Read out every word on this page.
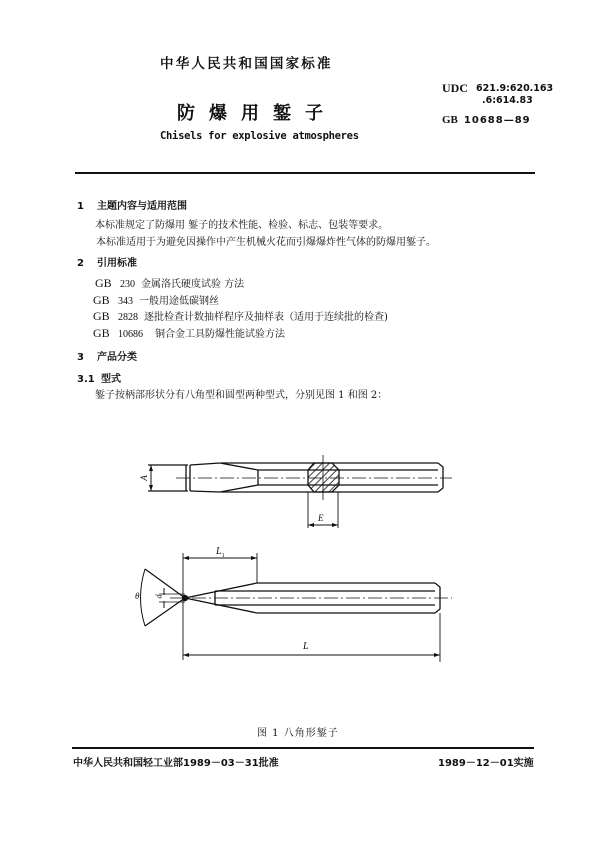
中华人民共和国国家标准
防爆用錾子
Chisels for explosive atmospheres
UDC 621.9:620.163
.6:614.83
GB 10688—89
1 主题内容与适用范围
本标准规定了防爆用 錾子的技术性能、检验、标志、包装等要求。
本标准适用于为避免因操作中产生机械火花而引爆爆炸性气体的防爆用錾子。
2 引用标准
GB 230 金属洛氏硬度试验 方法
GB 343 一般用途低碳钢丝
GB 2828 逐批检查计数抽样程序及抽样表（适用于连续批的检查)
GB 10686 铜合金工具防爆性能试验方法
3 产品分类
3.1 型式
錾子按柄部形状分有八角型和圆型两种型式，分别见图 1 和图 2：
A
E
$L_1$
L
θ d
图 1 八角形錾子
中华人民共和国轻工业部1989－03－31批准	1989－12－01实施
